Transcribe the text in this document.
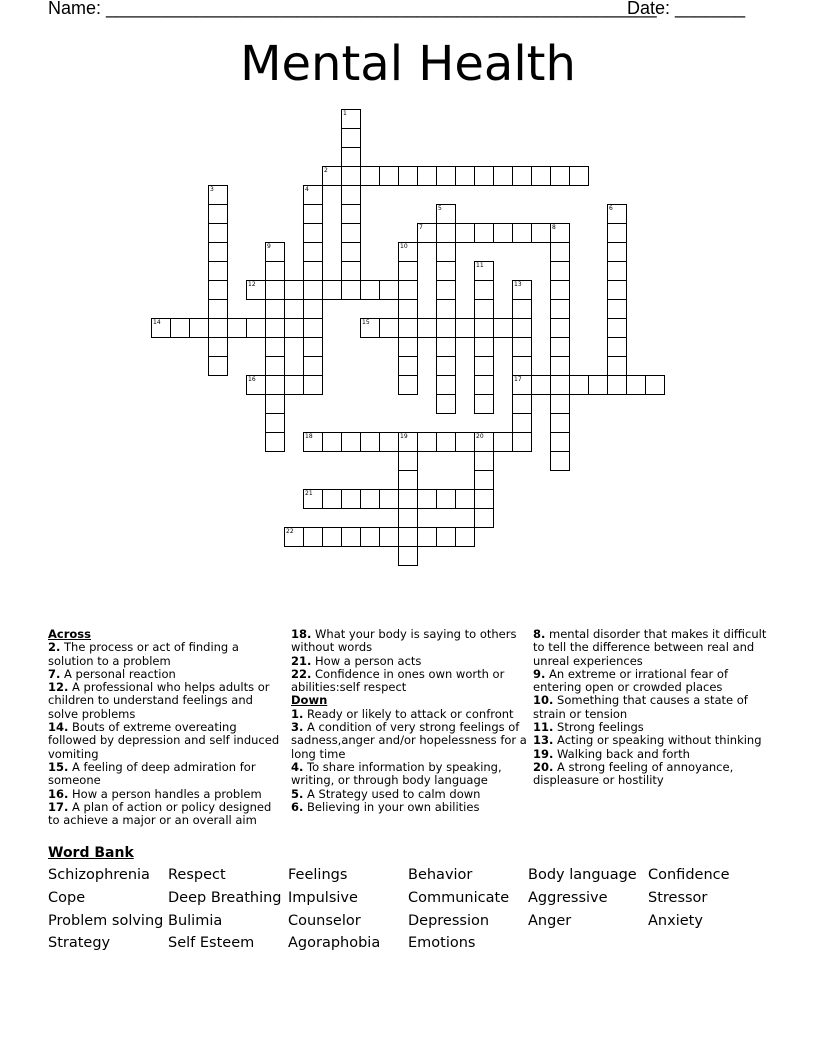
Name: _______________________________________________________
Date: _______
Mental Health
1
2
3	4
5	6
7	8
9	10
11
12	13
17
14	15
16
18	19	20
21
22
Across
2. The process or act of finding a solution to a problem
7. A personal reaction
12. A professional who helps adults or children to understand feelings and solve problems
14. Bouts of extreme overeating followed by depression and self induced vomiting
15. A feeling of deep admiration for someone
16. How a person handles a problem
17. A plan of action or policy designed to achieve a major or an overall aim
18. What your body is saying to others without words
21. How a person acts
22. Confidence in ones own worth or abilities:self respect
Down
1. Ready or likely to attack or confront
3. A condition of very strong feelings of sadness,anger and/or hopelessness for a long time
4. To share information by speaking, writing, or through body language
5. A Strategy used to calm down
6. Believing in your own abilities
8. mental disorder that makes it difficult to tell the difference between real and unreal experiences
9. An extreme or irrational fear of entering open or crowded places
10. Something that causes a state of strain or tension
11. Strong feelings
13. Acting or speaking without thinking
19. Walking back and forth
20. A strong feeling of annoyance, displeasure or hostility
Word Bank
Schizophrenia Respect	Feelings	Behavior	Body language Confidence
Cope	Deep Breathing Impulsive	Communicate Aggressive	Stressor
Problem solving Bulimia	Counselor	Depression	Anger	Anxiety
Strategy	Self Esteem Agoraphobia Emotions
